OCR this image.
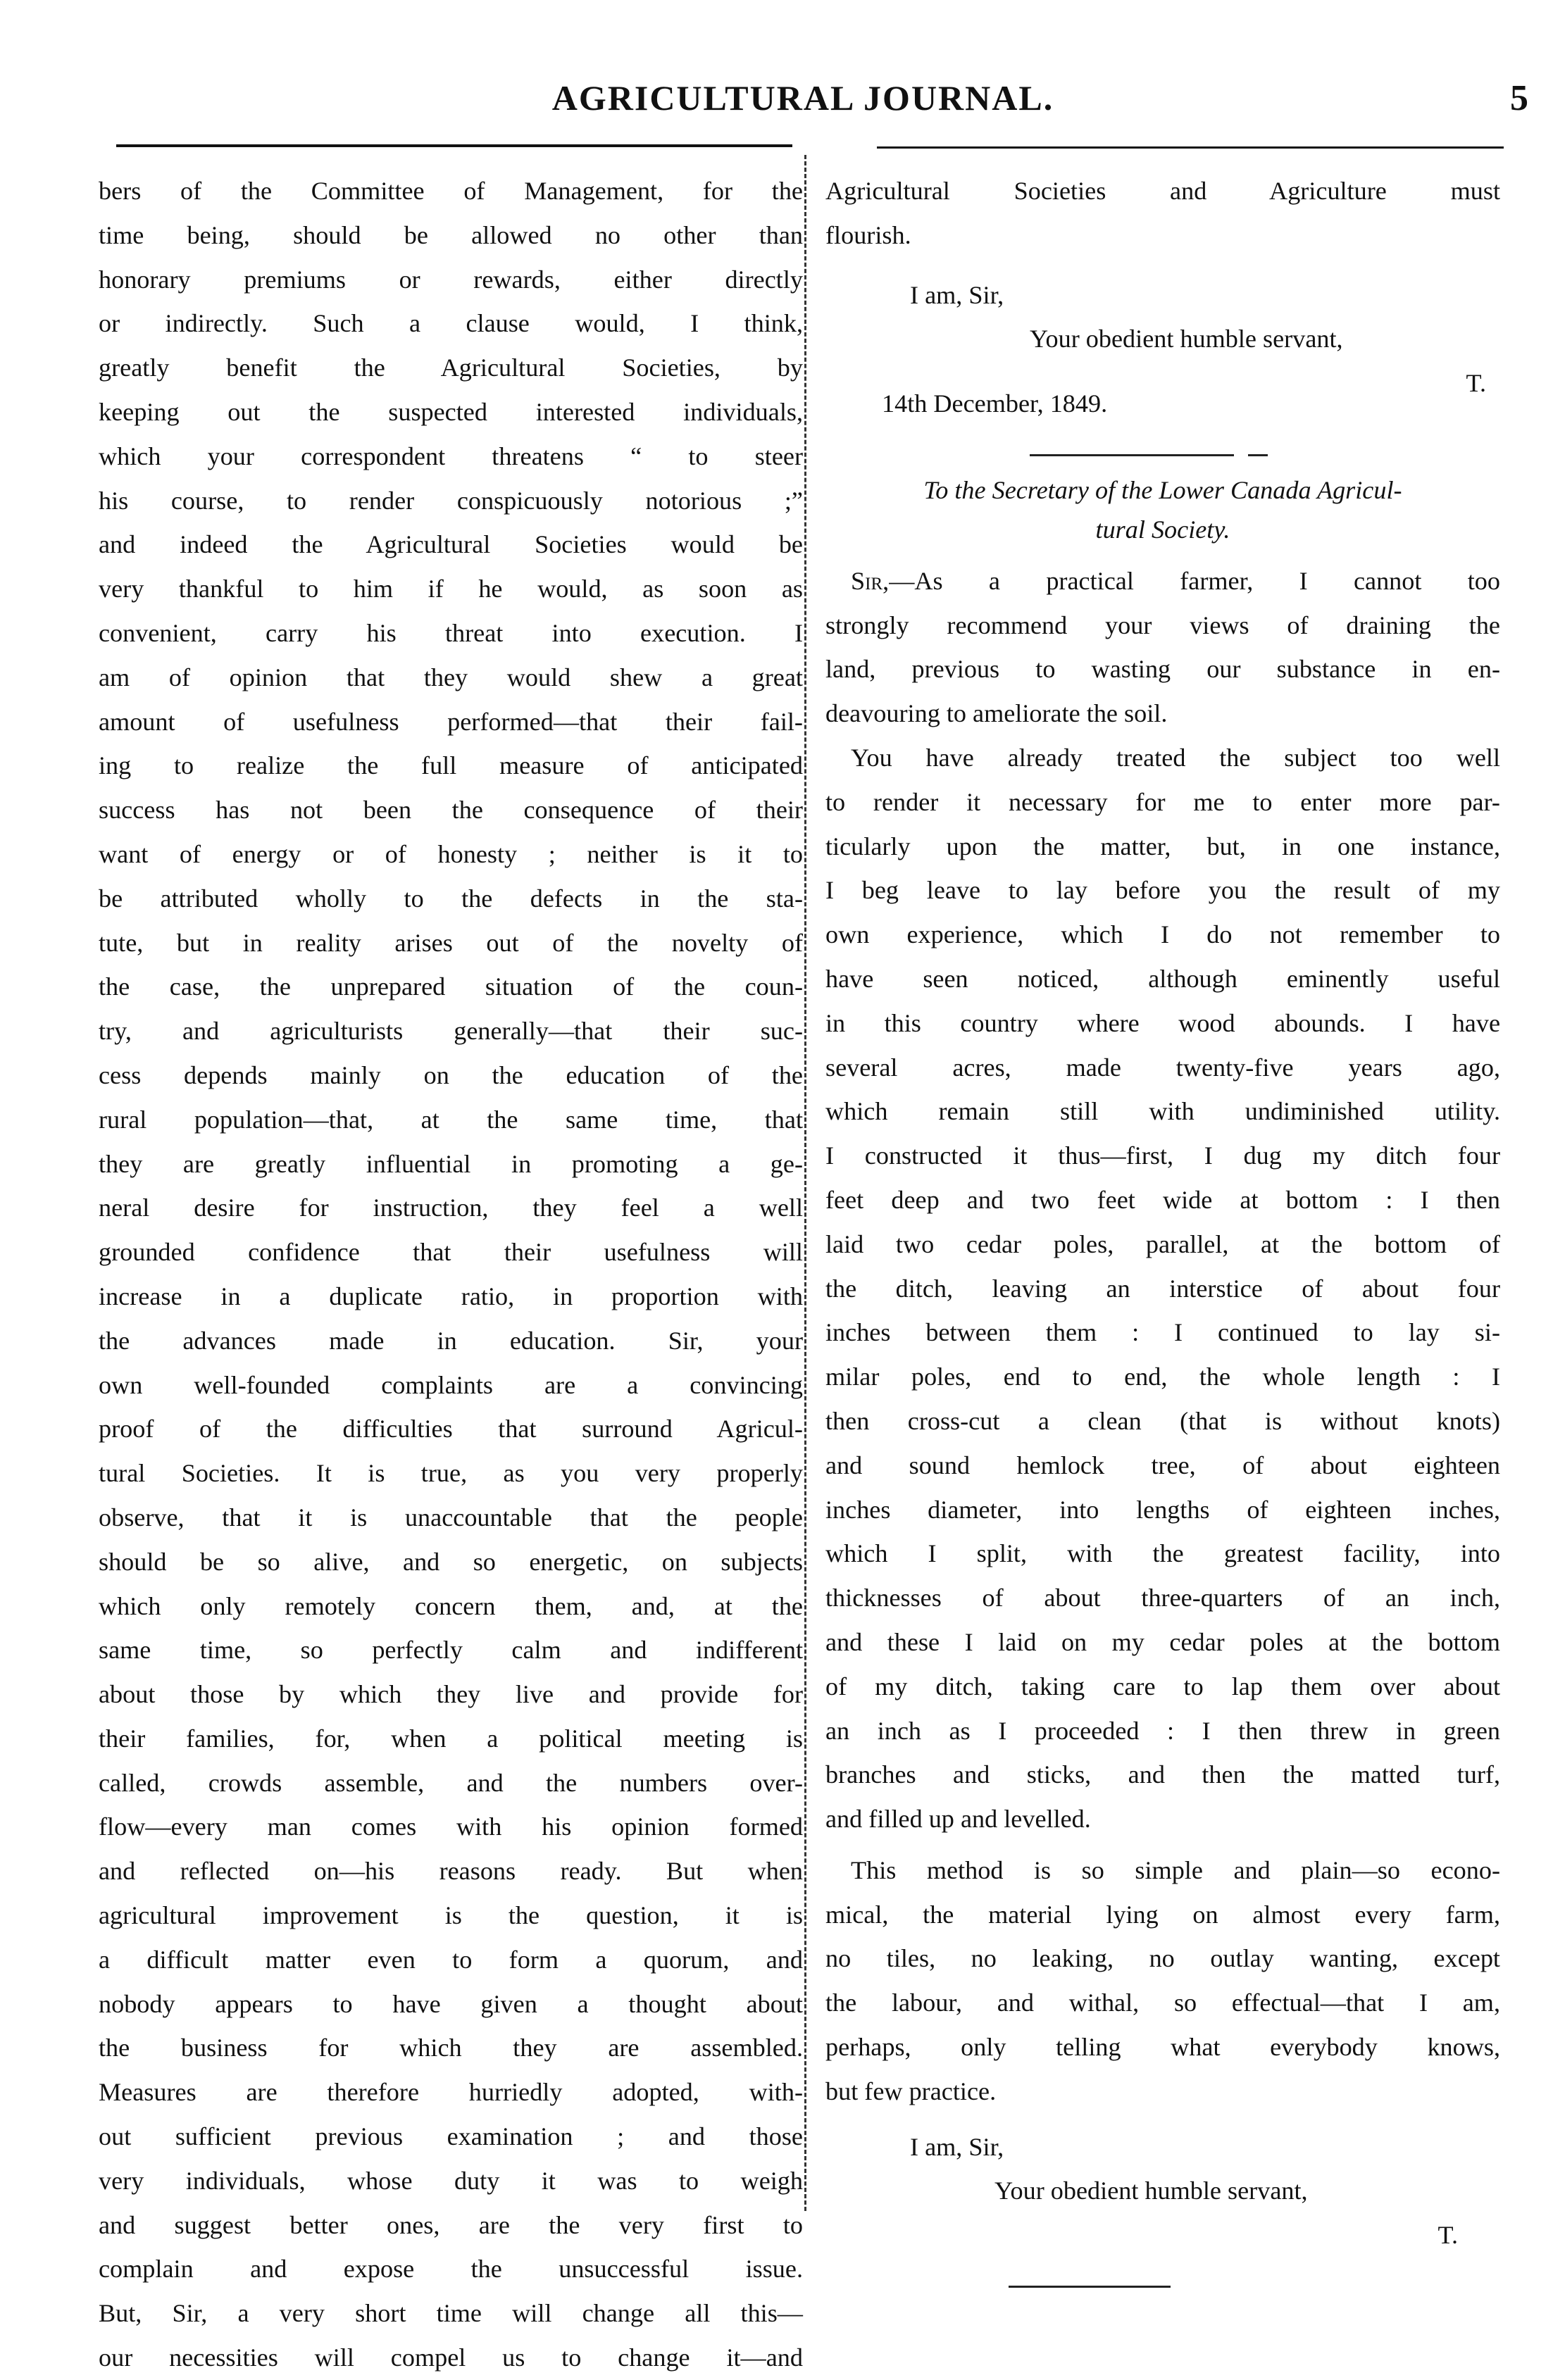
AGRICULTURAL JOURNAL.	5

bers of the Committee of Management, for the

time being, should be allowed no other than

honorary premiums or rewards, either directly

or indirectly. Such a clause would, I think,

greatly benefit the Agricultural Societies, by

keeping out the suspected interested individuals,

which your correspondent threatens “ to steer

his course, to render conspicuously notorious ;”

and indeed the Agricultural Societies would be

very thankful to him if he would, as soon as

convenient, carry his threat into execution. I

am of opinion that they would shew a great

amount of usefulness performed—that their fail-

ing to realize the full measure of anticipated

success has not been the consequence of their

want of energy or of honesty ; neither is it to

be attributed wholly to the defects in the sta-

tute, but in reality arises out of the novelty of

the case, the unprepared situation of the coun-

try, and agriculturists generally—that their suc-

cess depends mainly on the education of the

rural population—that, at the same time, that

they are greatly influential in promoting a ge-

neral desire for instruction, they feel a well

grounded confidence that their usefulness will

increase in a duplicate ratio, in proportion with

the advances made in education. Sir, your

own well-founded complaints are a convincing

proof of the difficulties that surround Agricul-

tural Societies. It is true, as you very properly

observe, that it is unaccountable that the people

should be so alive, and so energetic, on subjects

which only remotely concern them, and, at the

same time, so perfectly calm and indifferent

about those by which they live and provide for

their families, for, when a political meeting is

called, crowds assemble, and the numbers over-

flow—every man comes with his opinion formed

and reflected on—his reasons ready. But when

agricultural improvement is the question, it is

a difficult matter even to form a quorum, and

nobody appears to have given a thought about

the business for which they are assembled.

Measures are therefore hurriedly adopted, with-

out sufficient previous examination ; and those

very individuals, whose duty it was to weigh

and suggest better ones, are the very first to

complain and expose the unsuccessful issue.

But, Sir, a very short time will change all this—

our necessities will compel us to change it—and

Agricultural Societies and Agriculture must

flourish.

I am, Sir,

Your obedient humble servant,

T.

14th December, 1849.

To the Secretary of the Lower Canada Agricul-
tural Society.

Sir,—As a practical farmer, I cannot too

strongly recommend your views of draining the

land, previous to wasting our substance in en-

deavouring to ameliorate the soil.

You have already treated the subject too well

to render it necessary for me to enter more par-

ticularly upon the matter, but, in one instance,

I beg leave to lay before you the result of my

own experience, which I do not remember to

have seen noticed, although eminently useful

in this country where wood abounds. I have

several acres, made twenty-five years ago,

which remain still with undiminished utility.

I constructed it thus—first, I dug my ditch four

feet deep and two feet wide at bottom : I then

laid two cedar poles, parallel, at the bottom of

the ditch, leaving an interstice of about four

inches between them : I continued to lay si-

milar poles, end to end, the whole length : I

then cross-cut a clean (that is without knots)

and sound hemlock tree, of about eighteen

inches diameter, into lengths of eighteen inches,

which I split, with the greatest facility, into

thicknesses of about three-quarters of an inch,

and these I laid on my cedar poles at the bottom

of my ditch, taking care to lap them over about

an inch as I proceeded : I then threw in green

branches and sticks, and then the matted turf,

and filled up and levelled.

This method is so simple and plain—so econo-

mical, the material lying on almost every farm,

no tiles, no leaking, no outlay wanting, except

the labour, and withal, so effectual—that I am,

perhaps, only telling what everybody knows,

but few practice.

I am, Sir,

Your obedient humble servant,

T.
